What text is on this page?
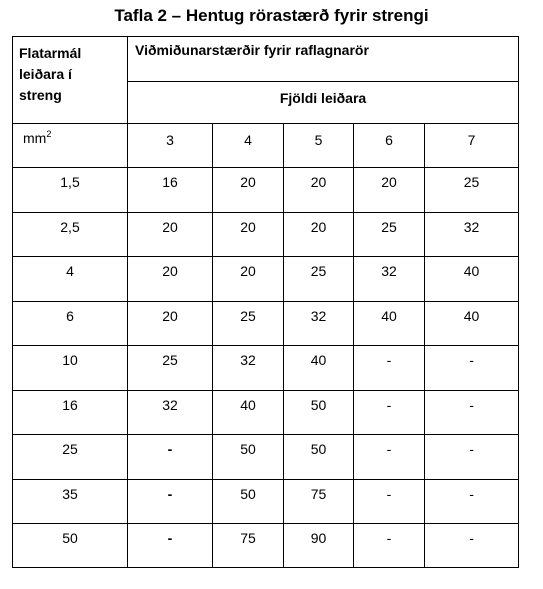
Tafla 2 – Hentug rörastærð fyrir strengi
Flatarmál
leiðara í
streng	Viðmiðunarstærðir fyrir raflagnarör				
	Fjöldi leiðara				
$mm^2$	3	4	5	6	7
1,5	16	20	20	20	25
2,5	20	20	20	25	32
4	20	20	25	32	40
6	20	25	32	40	40
10	25	32	40	-	-
16	32	40	50	-	-
25	-	50	50	-	-
35	-	50	75	-	-
50	-	75	90	-	-
